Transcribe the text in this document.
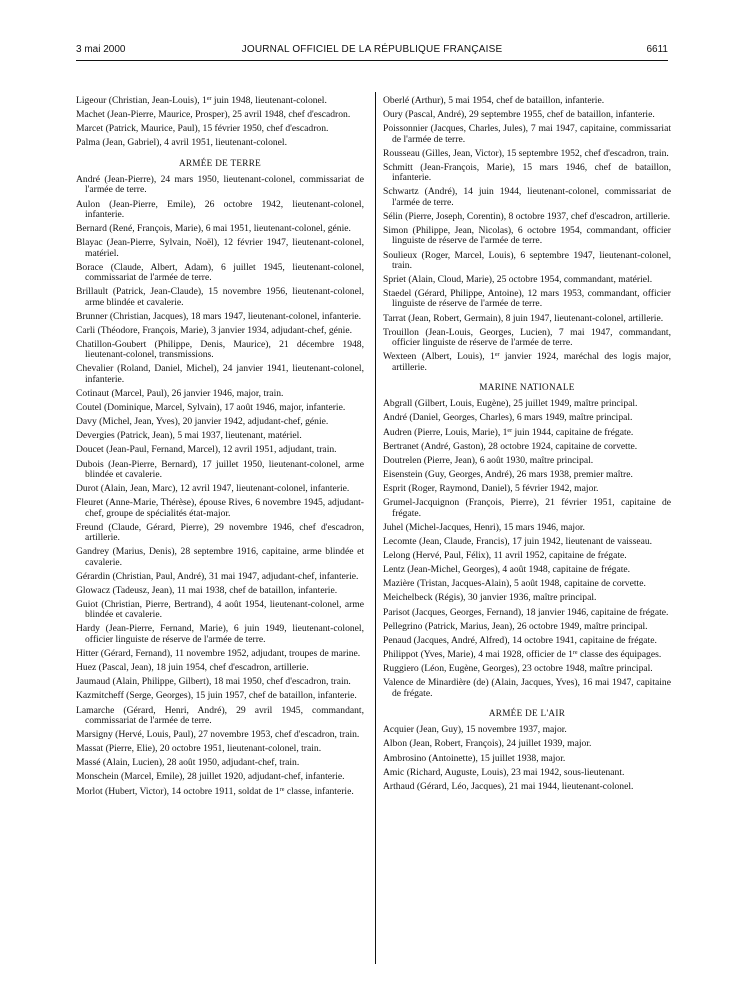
3 mai 2000	JOURNAL OFFICIEL DE LA RÉPUBLIQUE FRANÇAISE	6611
Ligeour (Christian, Jean-Louis), 1er juin 1948, lieutenant-colonel.
Machet (Jean-Pierre, Maurice, Prosper), 25 avril 1948, chef d'escadron.
Marcet (Patrick, Maurice, Paul), 15 février 1950, chef d'escadron.
Palma (Jean, Gabriel), 4 avril 1951, lieutenant-colonel.
ARMÉE DE TERRE
André (Jean-Pierre), 24 mars 1950, lieutenant-colonel, commissariat de l'armée de terre.
Aulon (Jean-Pierre, Emile), 26 octobre 1942, lieutenant-colonel, infanterie.
Bernard (René, François, Marie), 6 mai 1951, lieutenant-colonel, génie.
Blayac (Jean-Pierre, Sylvain, Noël), 12 février 1947, lieutenant-colonel, matériel.
Borace (Claude, Albert, Adam), 6 juillet 1945, lieutenant-colonel, commissariat de l'armée de terre.
Brillault (Patrick, Jean-Claude), 15 novembre 1956, lieutenant-colonel, arme blindée et cavalerie.
Brunner (Christian, Jacques), 18 mars 1947, lieutenant-colonel, infanterie.
Carli (Théodore, François, Marie), 3 janvier 1934, adjudant-chef, génie.
Chatillon-Goubert (Philippe, Denis, Maurice), 21 décembre 1948, lieutenant-colonel, transmissions.
Chevalier (Roland, Daniel, Michel), 24 janvier 1941, lieutenant-colonel, infanterie.
Cotinaut (Marcel, Paul), 26 janvier 1946, major, train.
Coutel (Dominique, Marcel, Sylvain), 17 août 1946, major, infanterie.
Davy (Michel, Jean, Yves), 20 janvier 1942, adjudant-chef, génie.
Devergies (Patrick, Jean), 5 mai 1937, lieutenant, matériel.
Doucet (Jean-Paul, Fernand, Marcel), 12 avril 1951, adjudant, train.
Dubois (Jean-Pierre, Bernard), 17 juillet 1950, lieutenant-colonel, arme blindée et cavalerie.
Durot (Alain, Jean, Marc), 12 avril 1947, lieutenant-colonel, infanterie.
Fleuret (Anne-Marie, Thérèse), épouse Rives, 6 novembre 1945, adjudant-chef, groupe de spécialités état-major.
Freund (Claude, Gérard, Pierre), 29 novembre 1946, chef d'escadron, artillerie.
Gandrey (Marius, Denis), 28 septembre 1916, capitaine, arme blindée et cavalerie.
Gérardin (Christian, Paul, André), 31 mai 1947, adjudant-chef, infanterie.
Glowacz (Tadeusz, Jean), 11 mai 1938, chef de bataillon, infanterie.
Guiot (Christian, Pierre, Bertrand), 4 août 1954, lieutenant-colonel, arme blindée et cavalerie.
Hardy (Jean-Pierre, Fernand, Marie), 6 juin 1949, lieutenant-colonel, officier linguiste de réserve de l'armée de terre.
Hitter (Gérard, Fernand), 11 novembre 1952, adjudant, troupes de marine.
Huez (Pascal, Jean), 18 juin 1954, chef d'escadron, artillerie.
Jaumaud (Alain, Philippe, Gilbert), 18 mai 1950, chef d'escadron, train.
Kazmitcheff (Serge, Georges), 15 juin 1957, chef de bataillon, infanterie.
Lamarche (Gérard, Henri, André), 29 avril 1945, commandant, commissariat de l'armée de terre.
Marsigny (Hervé, Louis, Paul), 27 novembre 1953, chef d'escadron, train.
Massat (Pierre, Elie), 20 octobre 1951, lieutenant-colonel, train.
Massé (Alain, Lucien), 28 août 1950, adjudant-chef, train.
Monschein (Marcel, Emile), 28 juillet 1920, adjudant-chef, infanterie.
Morlot (Hubert, Victor), 14 octobre 1911, soldat de 1re classe, infanterie.
Oberlé (Arthur), 5 mai 1954, chef de bataillon, infanterie.
Oury (Pascal, André), 29 septembre 1955, chef de bataillon, infanterie.
Poissonnier (Jacques, Charles, Jules), 7 mai 1947, capitaine, commissariat de l'armée de terre.
Rousseau (Gilles, Jean, Victor), 15 septembre 1952, chef d'escadron, train.
Schmitt (Jean-François, Marie), 15 mars 1946, chef de bataillon, infanterie.
Schwartz (André), 14 juin 1944, lieutenant-colonel, commissariat de l'armée de terre.
Sélin (Pierre, Joseph, Corentin), 8 octobre 1937, chef d'escadron, artillerie.
Simon (Philippe, Jean, Nicolas), 6 octobre 1954, commandant, officier linguiste de réserve de l'armée de terre.
Soulieux (Roger, Marcel, Louis), 6 septembre 1947, lieutenant-colonel, train.
Spriet (Alain, Cloud, Marie), 25 octobre 1954, commandant, matériel.
Staedel (Gérard, Philippe, Antoine), 12 mars 1953, commandant, officier linguiste de réserve de l'armée de terre.
Tarrat (Jean, Robert, Germain), 8 juin 1947, lieutenant-colonel, artillerie.
Trouillon (Jean-Louis, Georges, Lucien), 7 mai 1947, commandant, officier linguiste de réserve de l'armée de terre.
Wexteen (Albert, Louis), 1er janvier 1924, maréchal des logis major, artillerie.
MARINE NATIONALE
Abgrall (Gilbert, Louis, Eugène), 25 juillet 1949, maître principal.
André (Daniel, Georges, Charles), 6 mars 1949, maître principal.
Audren (Pierre, Louis, Marie), 1er juin 1944, capitaine de frégate.
Bertranet (André, Gaston), 28 octobre 1924, capitaine de corvette.
Doutrelen (Pierre, Jean), 6 août 1930, maître principal.
Eisenstein (Guy, Georges, André), 26 mars 1938, premier maître.
Esprit (Roger, Raymond, Daniel), 5 février 1942, major.
Grumel-Jacquignon (François, Pierre), 21 février 1951, capitaine de frégate.
Juhel (Michel-Jacques, Henri), 15 mars 1946, major.
Lecomte (Jean, Claude, Francis), 17 juin 1942, lieutenant de vaisseau.
Lelong (Hervé, Paul, Félix), 11 avril 1952, capitaine de frégate.
Lentz (Jean-Michel, Georges), 4 août 1948, capitaine de frégate.
Mazière (Tristan, Jacques-Alain), 5 août 1948, capitaine de corvette.
Meichelbeck (Régis), 30 janvier 1936, maître principal.
Parisot (Jacques, Georges, Fernand), 18 janvier 1946, capitaine de frégate.
Pellegrino (Patrick, Marius, Jean), 26 octobre 1949, maître principal.
Penaud (Jacques, André, Alfred), 14 octobre 1941, capitaine de frégate.
Philippot (Yves, Marie), 4 mai 1928, officier de 1re classe des équipages.
Ruggiero (Léon, Eugène, Georges), 23 octobre 1948, maître principal.
Valence de Minardière (de) (Alain, Jacques, Yves), 16 mai 1947, capitaine de frégate.
ARMÉE DE L'AIR
Acquier (Jean, Guy), 15 novembre 1937, major.
Albon (Jean, Robert, François), 24 juillet 1939, major.
Ambrosino (Antoinette), 15 juillet 1938, major.
Amic (Richard, Auguste, Louis), 23 mai 1942, sous-lieutenant.
Arthaud (Gérard, Léo, Jacques), 21 mai 1944, lieutenant-colonel.
